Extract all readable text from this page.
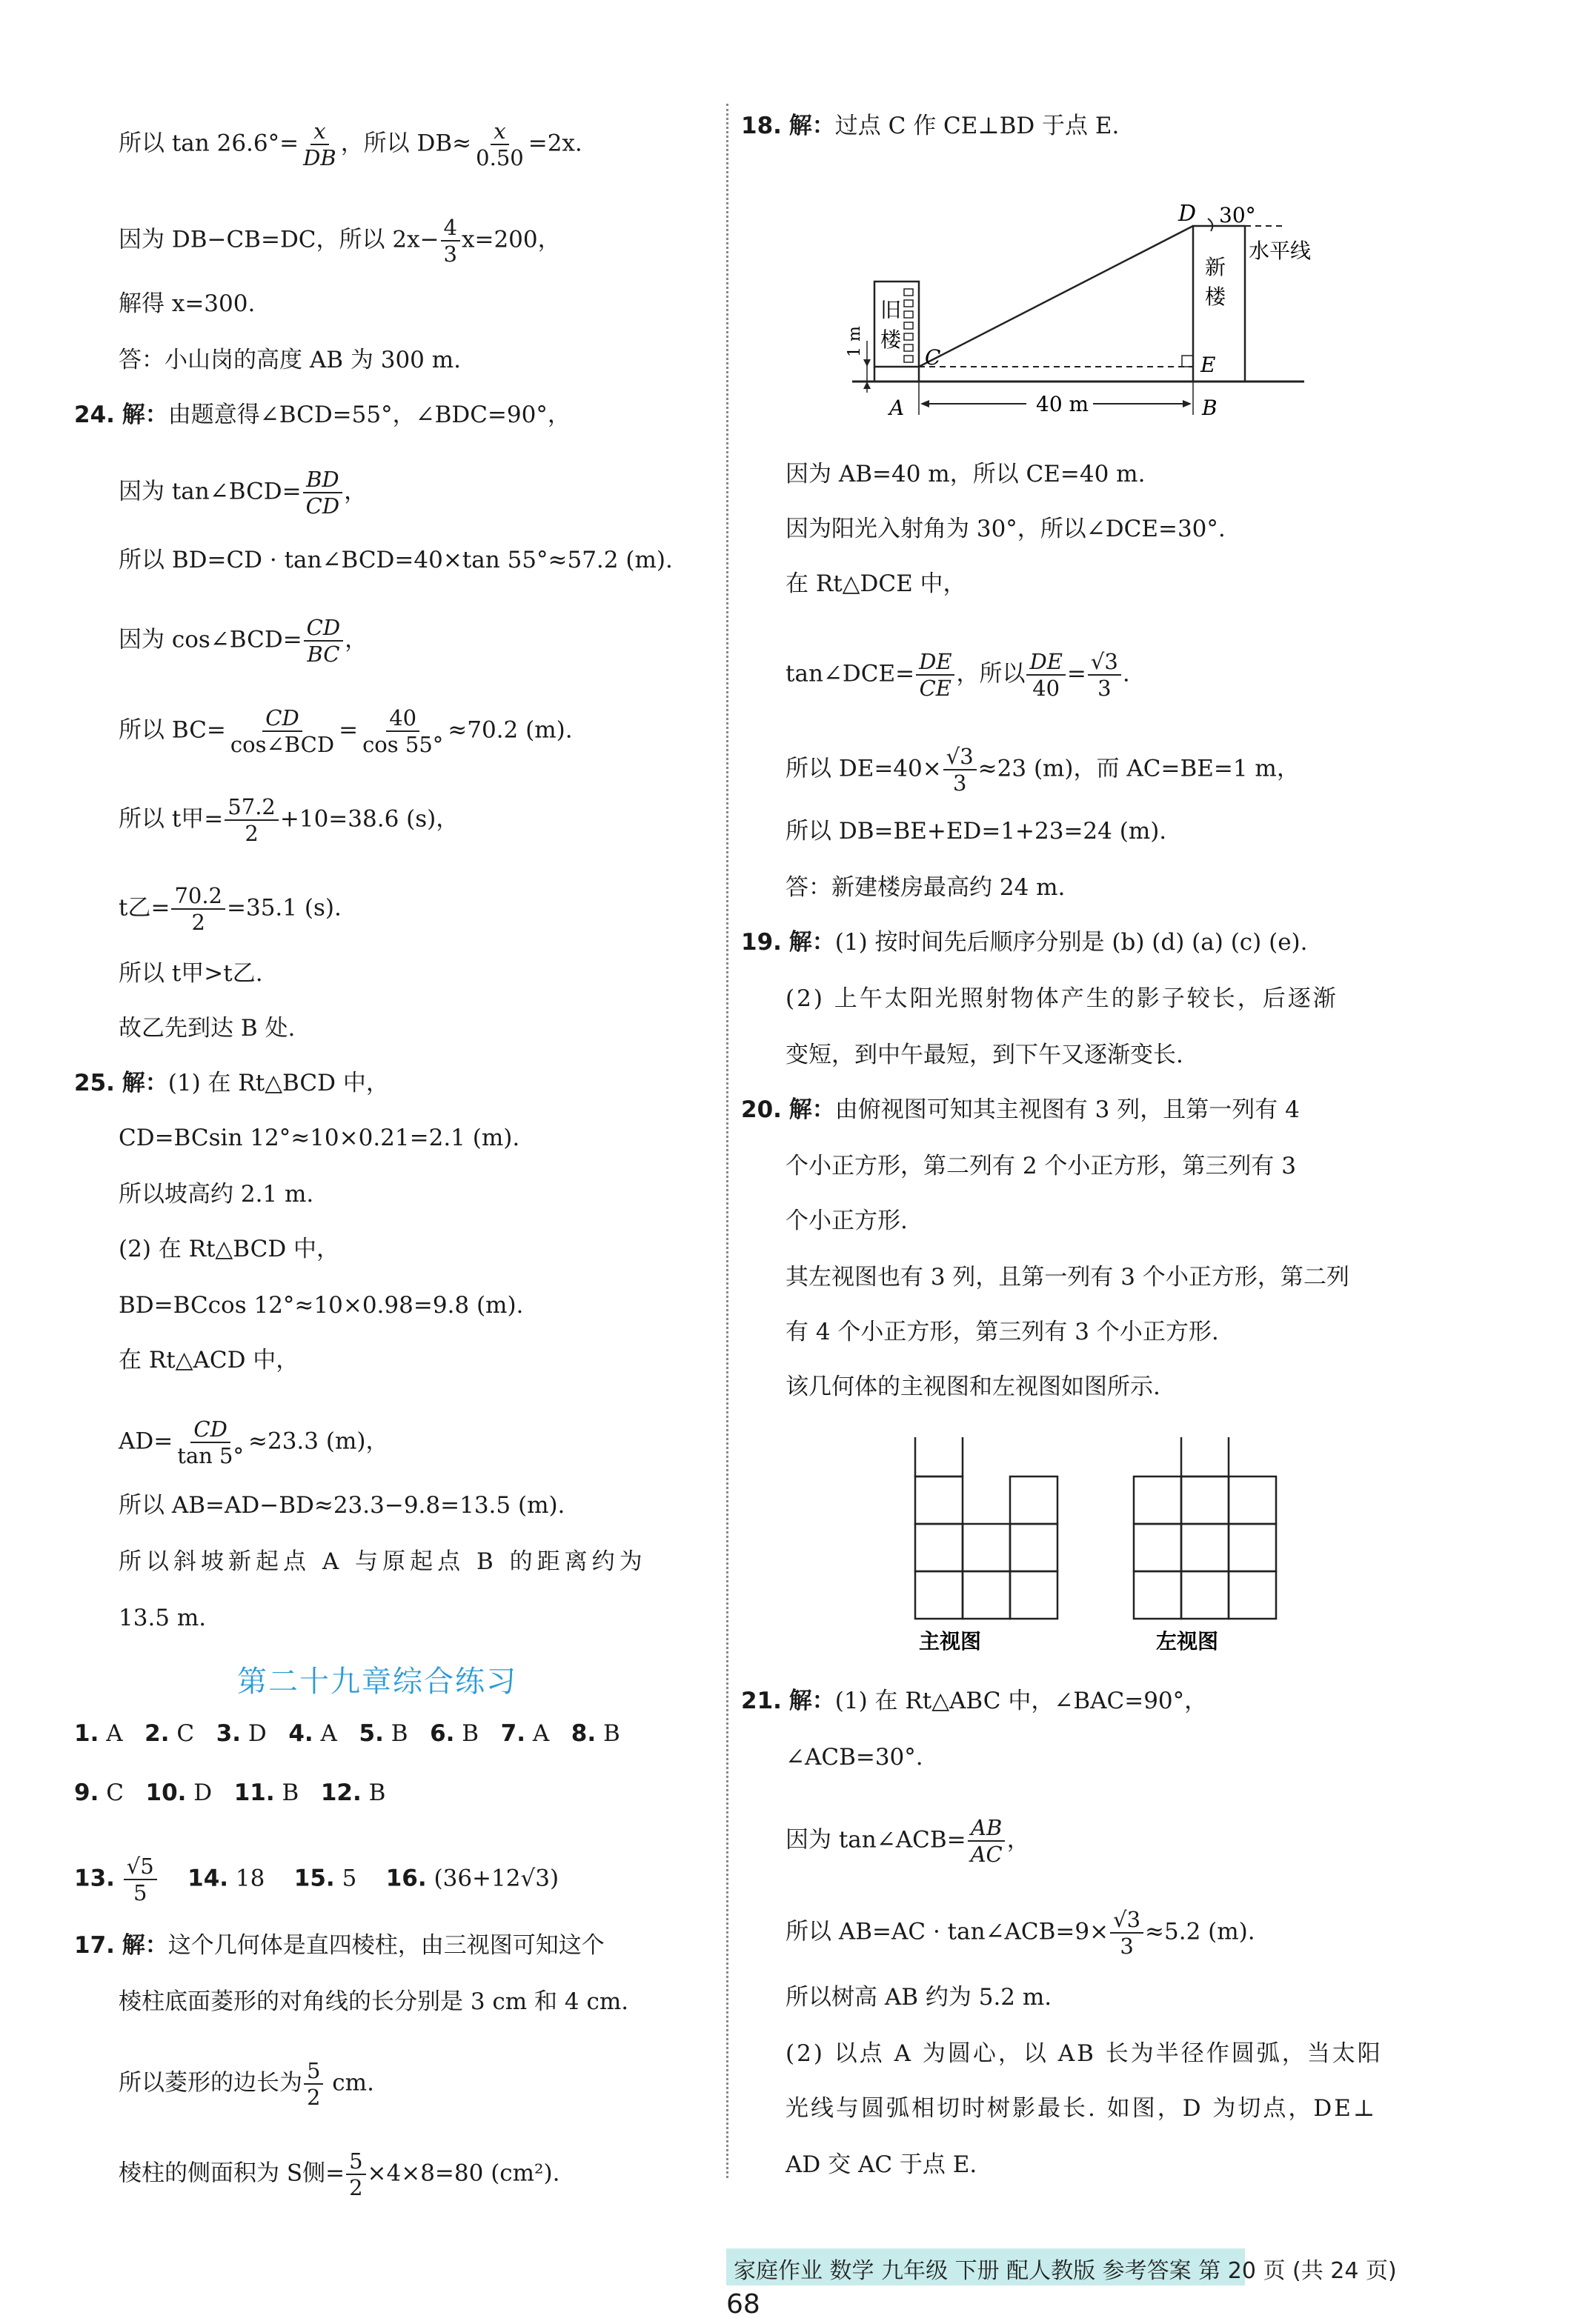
所以 $\tan 26.6^\circ= \frac{x}{DB}$ ，所以 $DB\approx \frac{x}{0.50} =2x$.
因为 DB−CB=DC，所以 $2x- \frac{4}{3} x=200$，
解得 x=300.
答：小山岗的高度 AB 为 300 m.
24. 解：由题意得∠BCD=55°，∠BDC=90°，
因为 tan∠BCD= $\frac{BD}{CD}$ ，
所以 BD=CD · tan∠BCD=40×tan 55°≈57.2 (m).
因为 cos∠BCD= $\frac{CD}{BC}$ ，
所以 $BC= \frac{CD}{\text{cos∠BCD}} = \frac{40}{\cos 55^\circ} \approx 70.2$ (m).
所以 t甲= $\frac{57.2}{2} +10=38.6$ (s)，
t乙= $\frac{70.2}{2} =35.1$ (s).
所以 t甲>t乙.
故乙先到达 B 处.
25. 解：(1) 在 Rt△BCD 中，
CD=BCsin 12°≈10×0.21=2.1 (m).
所以坡高约 2.1 m.
(2) 在 Rt△BCD 中，
BD=BCcos 12°≈10×0.98=9.8 (m).
在 Rt△ACD 中，
$AD= \frac{CD}{\tan 5^\circ} \approx 23.3$ (m)，
所以 AB=AD−BD≈23.3−9.8=13.5 (m).
所以斜坡新起点 A 与原起点 B 的距离约为
13.5 m.
第二十九章综合练习
1. A 2. C 3. D 4. A 5. B 6. B 7. A 8. B
9. C 10. D 11. B 12. B
13. $\frac{√5}{5} 14$. 18 15. 5 16. (36+12√3)
17. 解：这个几何体是直四棱柱，由三视图可知这个
棱柱底面菱形的对角线的长分别是 3 cm 和 4 cm.
所以菱形的边长为 $\frac{5}{2}$ cm.
棱柱的侧面积为 S侧= $\frac{5}{2} \times 4\times 8=80$ (cm²).
18. 解：过点 C 作 CE⊥BD 于点 E.
D 30°
水平线
新
楼
旧
楼
1 m
C	E
A	B
40 m
因为 AB=40 m，所以 CE=40 m.
因为阳光入射角为 30°，所以∠DCE=30°.
在 Rt△DCE 中，
tan∠DCE= $\frac{DE}{CE}$ ，所以 $\frac{DE}{40} = \frac{√3}{3}$ .
所以 $DE=40\times \frac{√3}{3} \approx 23$ (m)，而 AC=BE=1 m，
所以 DB=BE+ED=1+23=24 (m).
答：新建楼房最高约 24 m.
19. 解：(1) 按时间先后顺序分别是 (b) (d) (a) (c) (e).
(2) 上午太阳光照射物体产生的影子较长，后逐渐
变短，到中午最短，到下午又逐渐变长.
20. 解：由俯视图可知其主视图有 3 列，且第一列有 4
个小正方形，第二列有 2 个小正方形，第三列有 3
个小正方形.
其左视图也有 3 列，且第一列有 3 个小正方形，第二列
有 4 个小正方形，第三列有 3 个小正方形.
该几何体的主视图和左视图如图所示.
主视图	左视图
21. 解：(1) 在 Rt△ABC 中，∠BAC=90°，
∠ACB=30°.
因为 tan∠ACB= $\frac{AB}{AC}$ ，
所以 AB=AC · tan∠ACB=9× $\frac{√3}{3} \approx 5.2$ (m).
所以树高 AB 约为 5.2 m.
(2) 以点 A 为圆心，以 AB 长为半径作圆弧，当太阳
光线与圆弧相切时树影最长. 如图，D 为切点，DE⊥
AD 交 AC 于点 E.
家庭作业 数学 九年级 下册 配人教版 参考答案 第 20 页 (共 24 页)
68
